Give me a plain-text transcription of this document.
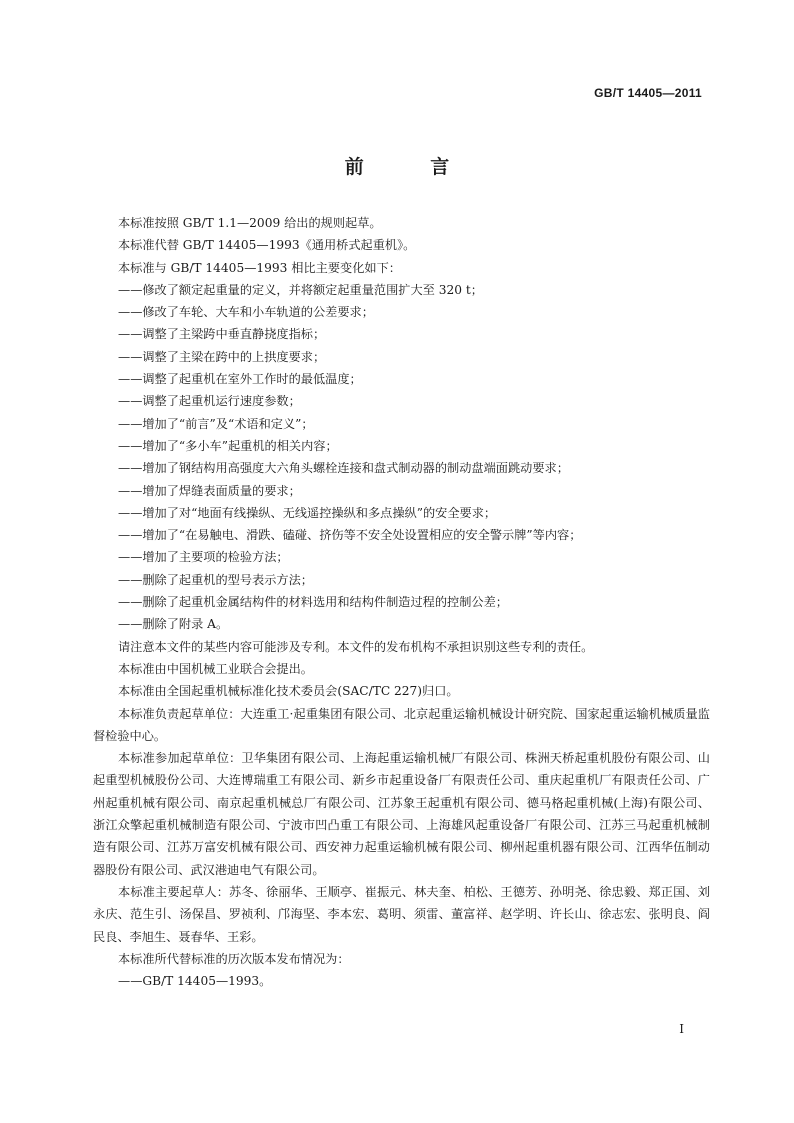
GB/T 14405—2011
前 言
本标准按照 GB/T 1.1—2009 给出的规则起草。
本标准代替 GB/T 14405—1993《通用桥式起重机》。
本标准与 GB/T 14405—1993 相比主要变化如下：
——修改了额定起重量的定义，并将额定起重量范围扩大至 320 t；
——修改了车轮、大车和小车轨道的公差要求；
——调整了主梁跨中垂直静挠度指标；
——调整了主梁在跨中的上拱度要求；
——调整了起重机在室外工作时的最低温度；
——调整了起重机运行速度参数；
——增加了“前言”及“术语和定义”；
——增加了“多小车”起重机的相关内容；
——增加了钢结构用高强度大六角头螺栓连接和盘式制动器的制动盘端面跳动要求；
——增加了焊缝表面质量的要求；
——增加了对“地面有线操纵、无线遥控操纵和多点操纵”的安全要求；
——增加了“在易触电、滑跌、磕碰、挤伤等不安全处设置相应的安全警示牌”等内容；
——增加了主要项的检验方法；
——删除了起重机的型号表示方法；
——删除了起重机金属结构件的材料选用和结构件制造过程的控制公差；
——删除了附录 A。
请注意本文件的某些内容可能涉及专利。本文件的发布机构不承担识别这些专利的责任。
本标准由中国机械工业联合会提出。
本标准由全国起重机械标准化技术委员会(SAC/TC 227)归口。
本标准负责起草单位：大连重工·起重集团有限公司、北京起重运输机械设计研究院、国家起重运输机械质量监督检验中心。
本标准参加起草单位：卫华集团有限公司、上海起重运输机械厂有限公司、株洲天桥起重机股份有限公司、山起重型机械股份公司、大连博瑞重工有限公司、新乡市起重设备厂有限责任公司、重庆起重机厂有限责任公司、广州起重机械有限公司、南京起重机械总厂有限公司、江苏象王起重机有限公司、德马格起重机械(上海)有限公司、浙江众擎起重机械制造有限公司、宁波市凹凸重工有限公司、上海雄风起重设备厂有限公司、江苏三马起重机械制造有限公司、江苏万富安机械有限公司、西安神力起重运输机械有限公司、柳州起重机器有限公司、江西华伍制动器股份有限公司、武汉港迪电气有限公司。
本标准主要起草人：苏冬、徐丽华、王顺亭、崔振元、林夫奎、柏松、王德芳、孙明尧、徐忠毅、郑正国、刘永庆、范生引、汤保昌、罗祯利、邝海坚、李本宏、葛明、须雷、董富祥、赵学明、许长山、徐志宏、张明良、阎民良、李旭生、聂春华、王彩。
本标准所代替标准的历次版本发布情况为：
——GB/T 14405—1993。
I
